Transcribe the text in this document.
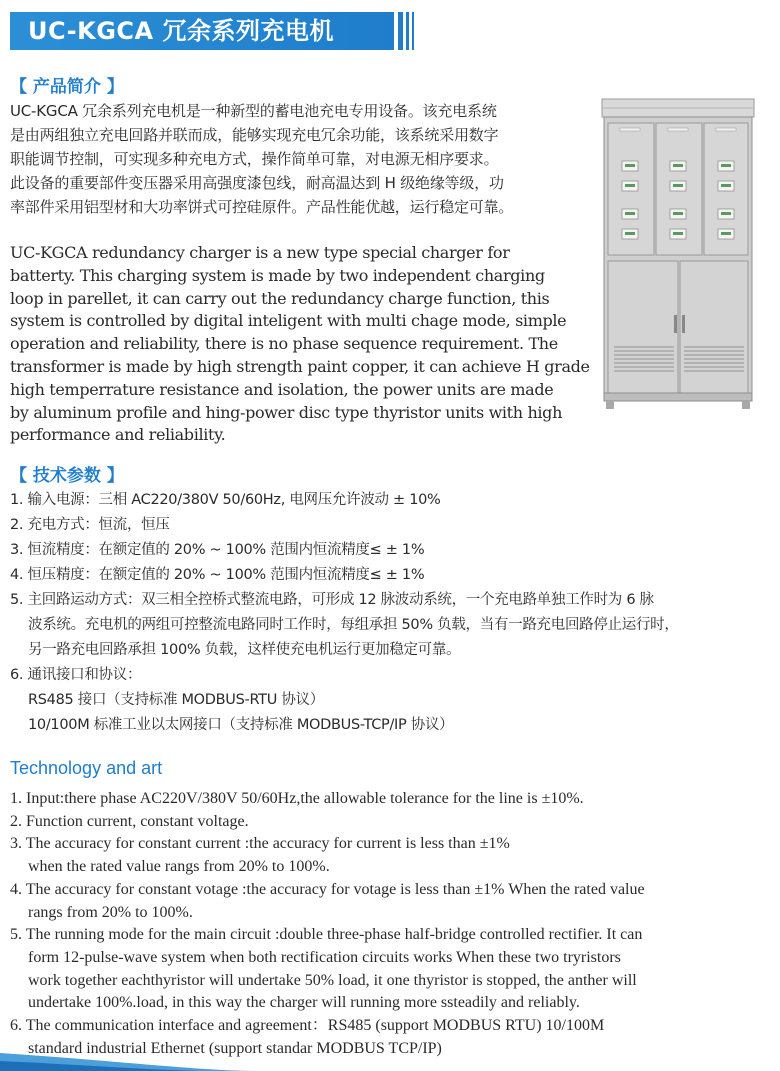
UC-KGCA 冗余系列充电机
【 产品简介 】
UC-KGCA 冗余系列充电机是一种新型的蓄电池充电专用设备。该充电系统
是由两组独立充电回路并联而成，能够实现充电冗余功能，该系统采用数字
职能调节控制，可实现多种充电方式，操作简单可靠，对电源无相序要求。
此设备的重要部件变压器采用高强度漆包线，耐高温达到 H 级绝缘等级，功
率部件采用铝型材和大功率饼式可控硅原件。产品性能优越，运行稳定可靠。
UC-KGCA redundancy charger is a new type special charger for
batterty. This charging system is made by two independent charging
loop in parellet, it can carry out the redundancy charge function, this
system is controlled by digital inteligent with multi chage mode, simple
operation and reliability, there is no phase sequence requirement. The
transformer is made by high strength paint copper, it can achieve H grade
high temperrature resistance and isolation, the power units are made
by aluminum profile and hing-power disc type thyristor units with high
performance and reliability.
【 技术参数 】
1. 输入电源：三相 AC220/380V 50/60Hz, 电网压允许波动 ± 10%
2. 充电方式：恒流，恒压
3. 恒流精度：在额定值的 20% ~ 100% 范围内恒流精度≤ ± 1%
4. 恒压精度：在额定值的 20% ~ 100% 范围内恒流精度≤ ± 1%
5. 主回路运动方式：双三相全控桥式整流电路，可形成 12 脉波动系统，一个充电路单独工作时为 6 脉
波系统。充电机的两组可控整流电路同时工作时，每组承担 50% 负载，当有一路充电回路停止运行时，
另一路充电回路承担 100% 负载，这样使充电机运行更加稳定可靠。
6. 通讯接口和协议：
RS485 接口（支持标准 MODBUS-RTU 协议）
10/100M 标准工业以太网接口（支持标准 MODBUS-TCP/IP 协议）
Technology and art
1. Input:there phase AC220V/380V 50/60Hz,the allowable tolerance for the line is ±10%.
2. Function current, constant voltage.
3. The accuracy for constant current :the accuracy for current is less than ±1%
when the rated value rangs from 20% to 100%.
4. The accuracy for constant votage :the accuracy for votage is less than ±1% When the rated value
rangs from 20% to 100%.
5. The running mode for the main circuit :double three-phase half-bridge controlled rectifier. It can
form 12-pulse-wave system when both rectification circuits works When these two tryristors
work together eachthyristor will undertake 50% load, it one thyristor is stopped, the anther will
undertake 100%.load, in this way the charger will running more ssteadily and reliably.
6. The communication interface and agreement：RS485 (support MODBUS RTU) 10/100M
standard industrial Ethernet (support standar MODBUS TCP/IP)
